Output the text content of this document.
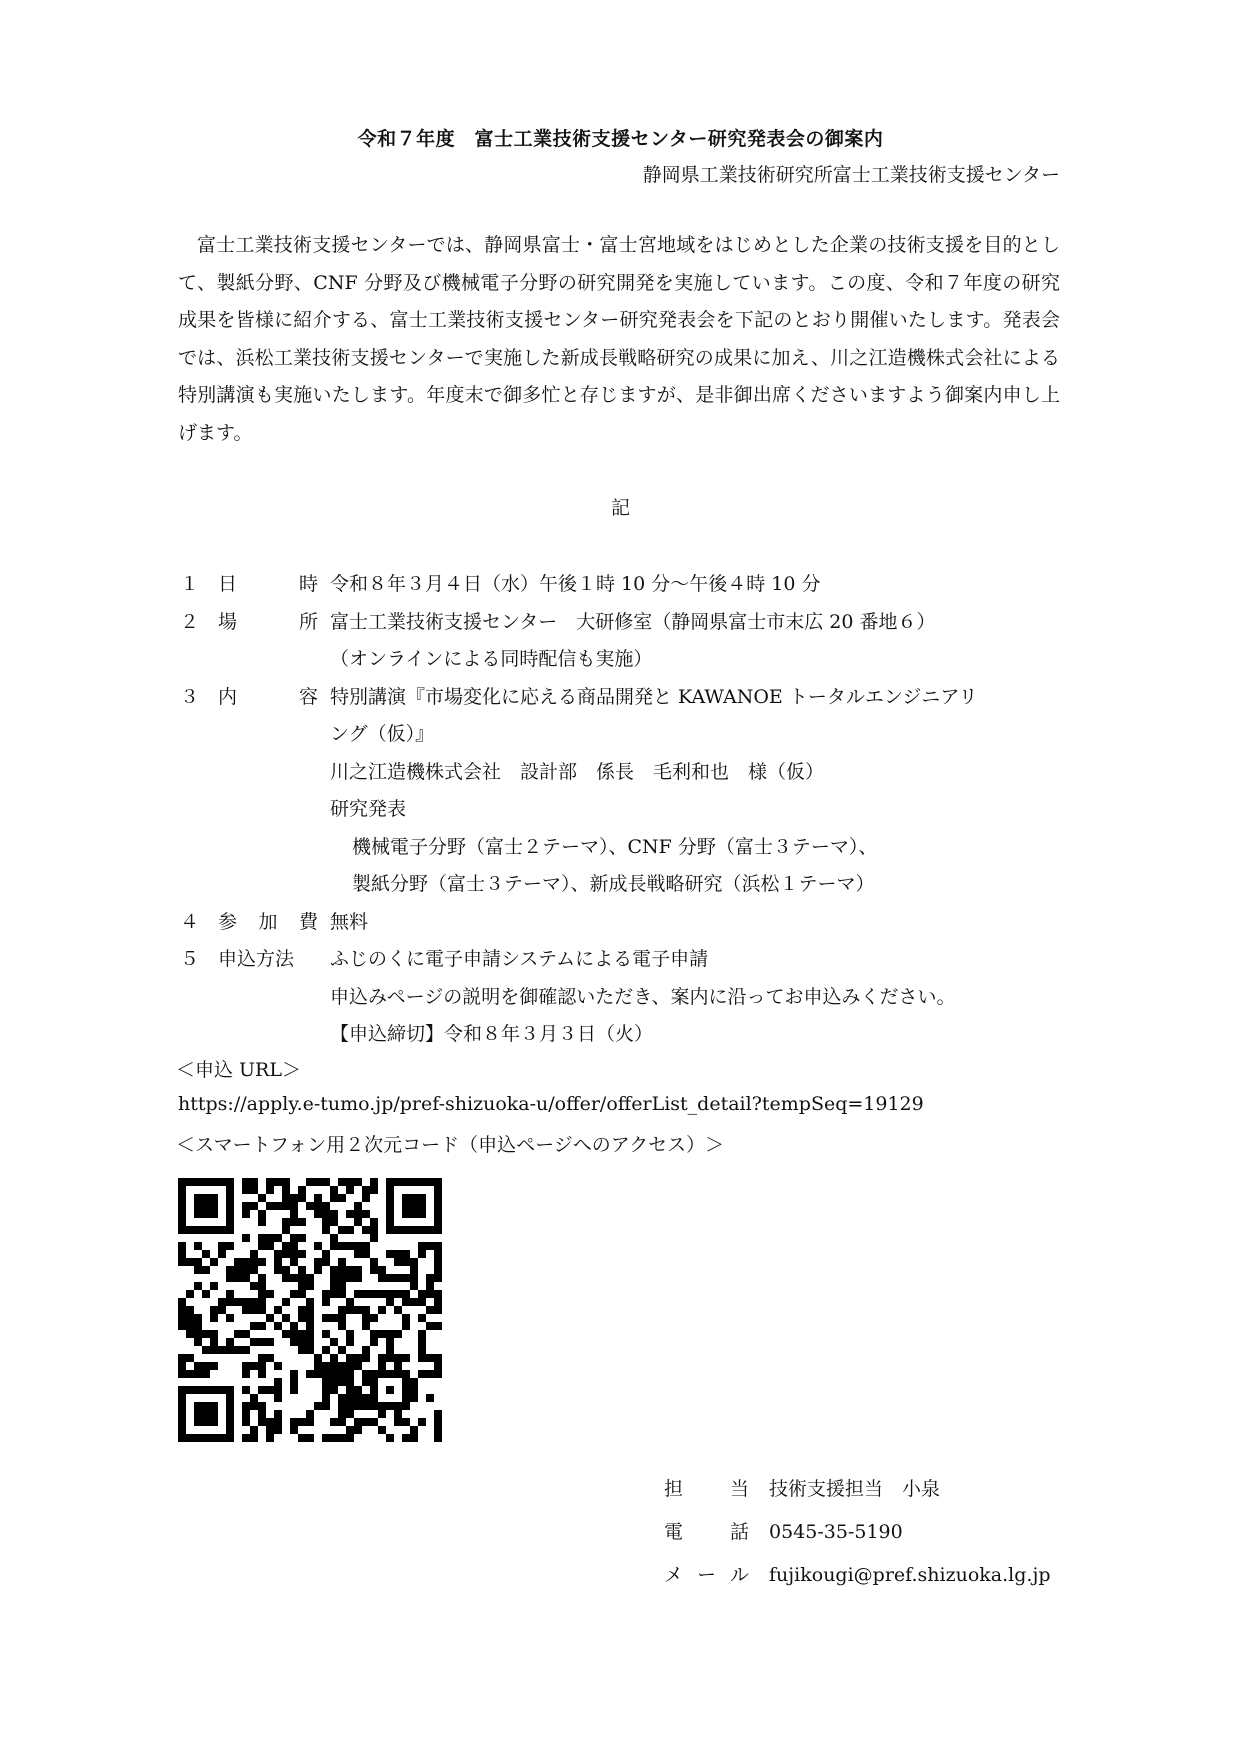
令和７年度　富士工業技術支援センター研究発表会の御案内
静岡県工業技術研究所富士工業技術支援センター

富士工業技術支援センターでは、静岡県富士・富士宮地域をはじめとした企業の技術支援を目的として、製紙分野、CNF 分野及び機械電子分野の研究開発を実施しています。この度、令和７年度の研究成果を皆様に紹介する、富士工業技術支援センター研究発表会を下記のとおり開催いたします。発表会では、浜松工業技術支援センターで実施した新成長戦略研究の成果に加え、川之江造機株式会社による特別講演も実施いたします。年度末で御多忙と存じますが、是非御出席くださいますよう御案内申し上げます。

記
１ 日	時 令和８年３月４日（水）午後１時 10 分〜午後４時 10 分
２ 場	所 富士工業技術支援センター　大研修室（静岡県富士市末広 20 番地６）
（オンラインによる同時配信も実施）
３ 内	容 特別講演『市場変化に応える商品開発と KAWANOE トータルエンジニアリ
ング（仮）』
川之江造機株式会社　設計部　係長　毛利和也　様（仮）
研究発表
機械電子分野（富士２テーマ）、CNF 分野（富士３テーマ）、
製紙分野（富士３テーマ）、新成長戦略研究（浜松１テーマ）
４ 参 加 費 無料
５ 申込方法	ふじのくに電子申請システムによる電子申請
申込みページの説明を御確認いただき、案内に沿ってお申込みください。
【申込締切】令和８年３月３日（火）
＜申込 URL＞
https://apply.e-tumo.jp/pref-shizuoka-u/offer/offerList_detail?tempSeq=19129
＜スマートフォン用２次元コード（申込ページへのアクセス）＞
担 当 技術支援担当　小泉
電 話 0545-35-5190
メ ー ル fujikougi@pref.shizuoka.lg.jp
